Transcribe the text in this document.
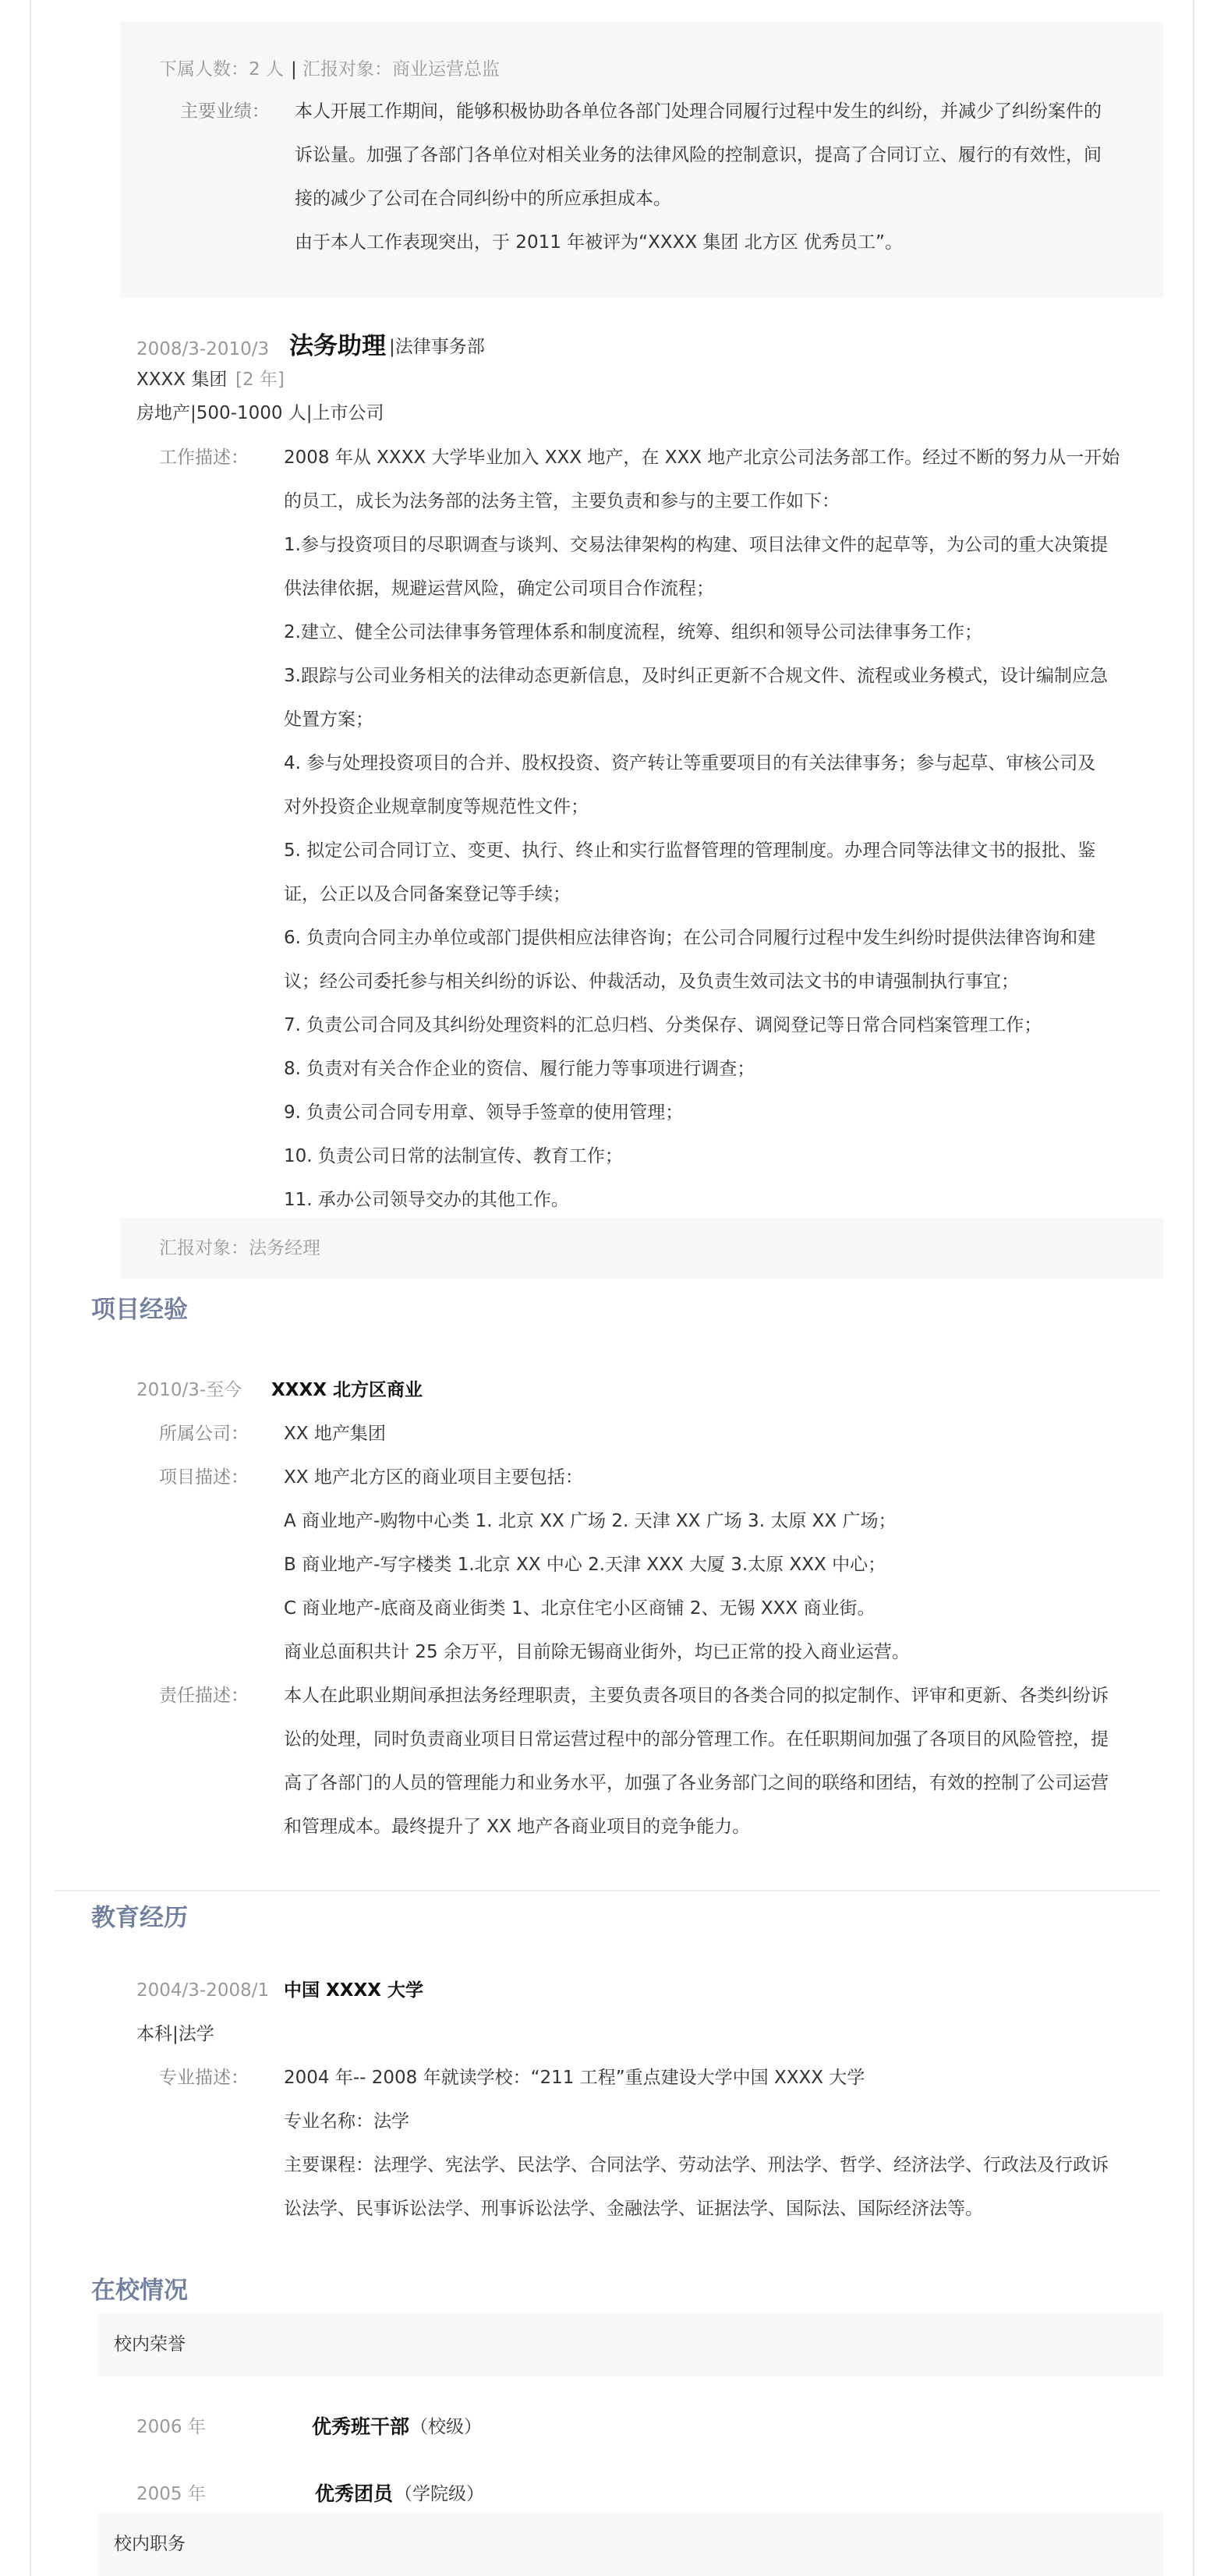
下属人数：2 人 | 汇报对象：商业运营总监
主要业绩： 本人开展工作期间，能够积极协助各单位各部门处理合同履行过程中发生的纠纷，并减少了纠纷案件的
诉讼量。加强了各部门各单位对相关业务的法律风险的控制意识，提高了合同订立、履行的有效性，间
接的减少了公司在合同纠纷中的所应承担成本。
由于本人工作表现突出，于 2011 年被评为“XXXX 集团 北方区 优秀员工”。
2008/3-2010/3 法务助理 |法律事务部
XXXX 集团 [2 年]
房地产|500-1000 人|上市公司
工作描述： 2008 年从 XXXX 大学毕业加入 XXX 地产，在 XXX 地产北京公司法务部工作。经过不断的努力从一开始
的员工，成长为法务部的法务主管，主要负责和参与的主要工作如下：
1.参与投资项目的尽职调查与谈判、交易法律架构的构建、项目法律文件的起草等，为公司的重大决策提
供法律依据，规避运营风险，确定公司项目合作流程；
2.建立、健全公司法律事务管理体系和制度流程，统筹、组织和领导公司法律事务工作；
3.跟踪与公司业务相关的法律动态更新信息，及时纠正更新不合规文件、流程或业务模式，设计编制应急
处置方案；
4. 参与处理投资项目的合并、股权投资、资产转让等重要项目的有关法律事务；参与起草、审核公司及
对外投资企业规章制度等规范性文件；
5. 拟定公司合同订立、变更、执行、终止和实行监督管理的管理制度。办理合同等法律文书的报批、鉴
证，公正以及合同备案登记等手续；
6. 负责向合同主办单位或部门提供相应法律咨询；在公司合同履行过程中发生纠纷时提供法律咨询和建
议；经公司委托参与相关纠纷的诉讼、仲裁活动，及负责生效司法文书的申请强制执行事宜；
7. 负责公司合同及其纠纷处理资料的汇总归档、分类保存、调阅登记等日常合同档案管理工作；
8. 负责对有关合作企业的资信、履行能力等事项进行调查；
9. 负责公司合同专用章、领导手签章的使用管理；
10. 负责公司日常的法制宣传、教育工作；
11. 承办公司领导交办的其他工作。
汇报对象：法务经理
项目经验
2010/3-至今 XXXX 北方区商业
所属公司： XX 地产集团
项目描述： XX 地产北方区的商业项目主要包括：
A 商业地产-购物中心类 1. 北京 XX 广场 2. 天津 XX 广场 3. 太原 XX 广场；
B 商业地产-写字楼类 1.北京 XX 中心 2.天津 XXX 大厦 3.太原 XXX 中心；
C 商业地产-底商及商业街类 1、北京住宅小区商铺 2、无锡 XXX 商业街。
商业总面积共计 25 余万平，目前除无锡商业街外，均已正常的投入商业运营。
责任描述： 本人在此职业期间承担法务经理职责，主要负责各项目的各类合同的拟定制作、评审和更新、各类纠纷诉
讼的处理，同时负责商业项目日常运营过程中的部分管理工作。在任职期间加强了各项目的风险管控，提
高了各部门的人员的管理能力和业务水平，加强了各业务部门之间的联络和团结，有效的控制了公司运营
和管理成本。最终提升了 XX 地产各商业项目的竞争能力。
教育经历
2004/3-2008/1 中国 XXXX 大学
本科|法学
专业描述： 2004 年-- 2008 年就读学校：“211 工程”重点建设大学中国 XXXX 大学
专业名称：法学
主要课程：法理学、宪法学、民法学、合同法学、劳动法学、刑法学、哲学、经济法学、行政法及行政诉
讼法学、民事诉讼法学、刑事诉讼法学、金融法学、证据法学、国际法、国际经济法等。
在校情况
校内荣誉
2006 年	优秀班干部 （校级）
2005 年	优秀团员 （学院级）
校内职务
